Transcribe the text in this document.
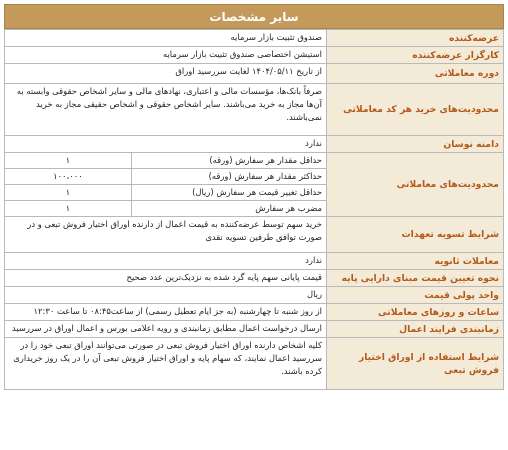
سایر مشخصات
عرضه‌کننده	صندوق تثبیت بازار سرمایه
کارگزار عرضه‌کننده	استیشن اختصاصی صندوق تثبیت بازار سرمایه
دوره معاملاتی	از تاریخ ۱۴۰۴/۰۵/۱۱ لغایت سررسید اوراق
محدودیت‌های خرید هر کد معاملاتی	صرفاً بانک‌ها، مؤسسات مالی و اعتباری، نهادهای مالی و سایر اشخاص حقوقی وابسته به آن‌ها مجاز به خرید می‌باشند. سایر اشخاص حقوقی و اشخاص حقیقی مجاز به خرید نمی‌باشند.
دامنه نوسان	ندارد
محدودیت‌های معاملاتی	
حداقل مقدار هر سفارش (ورقه)	۱
حداکثر مقدار هر سفارش (ورقه)	۱۰۰،۰۰۰
حداقل تغییر قیمت هر سفارش (ریال)	۱
مضرب هر سفارش	۱

شرایط تسویه تعهدات	خرید سهم توسط عرضه‌کننده به قیمت اعمال از دارنده اوراق اختیار فروش تبعی و در صورت توافق طرفین تسویه نقدی
معاملات ثانویه	ندارد
نحوه تعیین قیمت مبنای دارایی پایه	قیمت پایانی سهم پایه گرد شده به نزدیک‌ترین عدد صحیح
واحد پولی قیمت	ریال
ساعات و روزهای معاملاتی	از روز شنبه تا چهارشنبه (به جز ایام تعطیل رسمی) از ساعت۰۸:۴۵ تا ساعت ۱۲:۳۰
زمانبندی فرایند اعمال	ارسال درخواست اعمال مطابق زمانبندی و رویه اعلامی بورس و اعمال اوراق در سررسید
شرایط استفاده از اوراق اختیار فروش تبعی	کلیه اشخاص دارنده اوراق اختیار فروش تبعی در صورتی می‌توانند اوراق تبعی خود را در سررسید اعمال نمایند، که سهام پایه و اوراق اختیار فروش تبعی آن را در یک روز خریداری کرده باشند.
